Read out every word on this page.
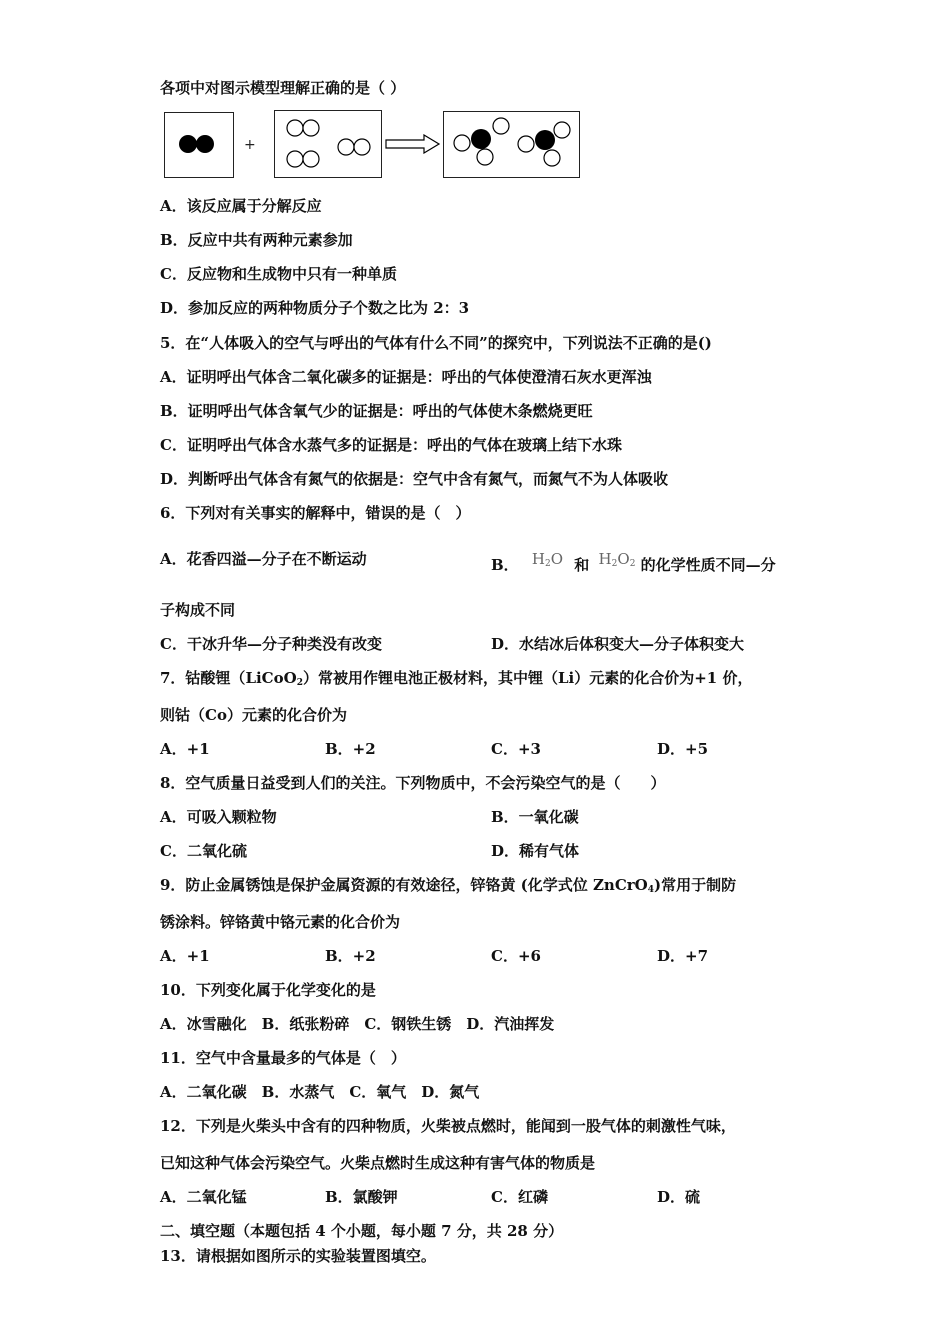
各项中对图示模型理解正确的是（ ）
+
A．该反应属于分解反应
B．反应中共有两种元素参加
C．反应物和生成物中只有一种单质
D．参加反应的两种物质分子个数之比为 2：3
5．在“人体吸入的空气与呼出的气体有什么不同”的探究中，下列说法不正确的是()
A．证明呼出气体含二氧化碳多的证据是：呼出的气体使澄清石灰水更浑浊
B．证明呼出气体含氧气少的证据是：呼出的气体使木条燃烧更旺
C．证明呼出气体含水蒸气多的证据是：呼出的气体在玻璃上结下水珠
D．判断呼出气体含有氮气的依据是：空气中含有氮气，而氮气不为人体吸收
6．下列对有关事实的解释中，错误的是（　）
A．花香四溢—分子在不断运动	B． $H_2O$ 和 $H_2O_2$ 的化学性质不同—分
子构成不同
C．干冰升华—分子种类没有改变	D．水结冰后体积变大—分子体积变大
7．钴酸锂（LiCoO$_2$）常被用作锂电池正极材料，其中锂（Li）元素的化合价为+1 价，
则钴（Co）元素的化合价为
A．+1	B．+2	C．+3	D．+5
8．空气质量日益受到人们的关注。下列物质中，不会污染空气的是（　　）
A．可吸入颗粒物	B．一氧化碳
C．二氧化硫	D．稀有气体
9．防止金属锈蚀是保护金属资源的有效途径，锌铬黄 (化学式位 ZnCrO$_4$)常用于制防
锈涂料。锌铬黄中铬元素的化合价为
A．+1	B．+2	C．+6	D．+7
10．下列变化属于化学变化的是
A．冰雪融化　B．纸张粉碎　C．钢铁生锈　D．汽油挥发
11．空气中含量最多的气体是（　）
A．二氧化碳　B．水蒸气　C．氧气　D．氮气
12．下列是火柴头中含有的四种物质，火柴被点燃时，能闻到一股气体的刺激性气味，
已知这种气体会污染空气。火柴点燃时生成这种有害气体的物质是
A．二氧化锰	B．氯酸钾	C．红磷	D．硫
二、填空题（本题包括 4 个小题，每小题 7 分，共 28 分）
13．请根据如图所示的实验装置图填空。
